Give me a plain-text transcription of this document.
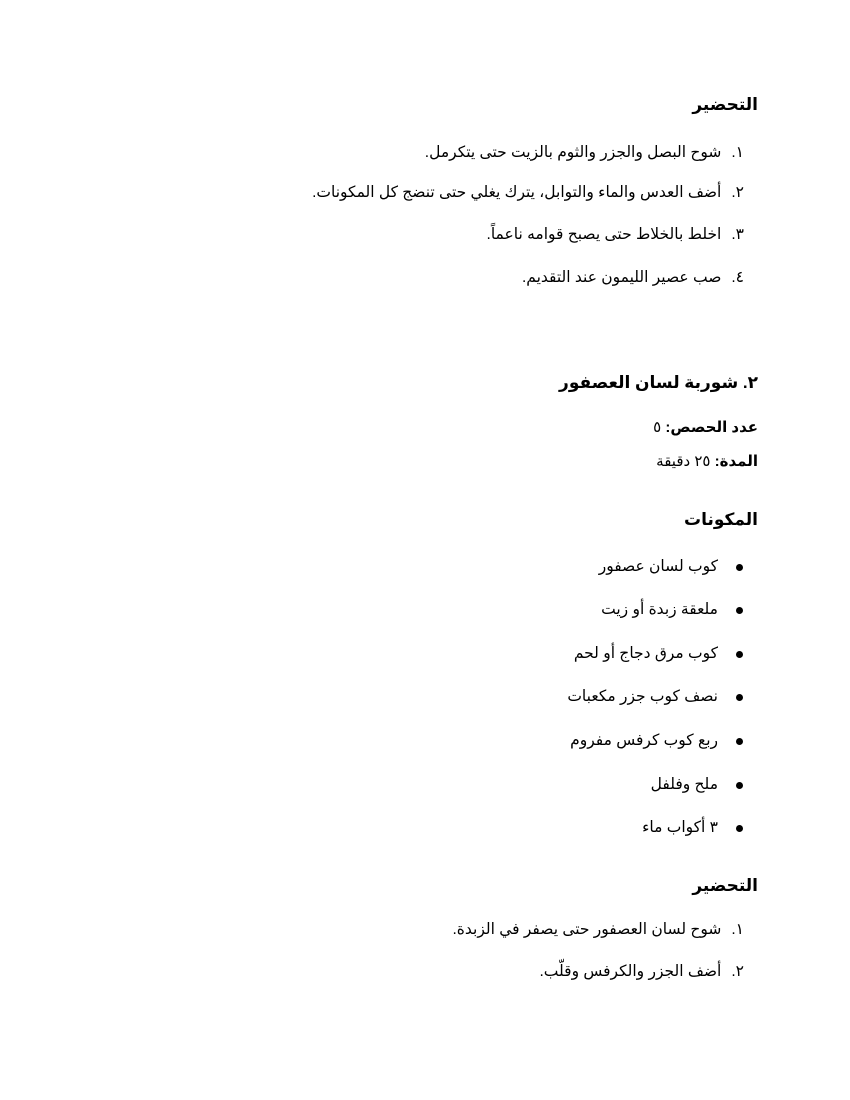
التحضير
١.شوح البصل والجزر والثوم بالزيت حتى يتكرمل.
٢.أضف العدس والماء والتوابل، يترك يغلي حتى تنضج كل المكونات.
٣.اخلط بالخلاط حتى يصبح قوامه ناعماً.
٤.صب عصير الليمون عند التقديم.
٢. شوربة لسان العصفور
عدد الحصص: ٥
المدة: ٢٥ دقيقة
المكونات
كوب لسان عصفور
ملعقة زبدة أو زيت
كوب مرق دجاج أو لحم
نصف كوب جزر مكعبات
ربع كوب كرفس مفروم
ملح وفلفل
٣ أكواب ماء
التحضير
١.شوح لسان العصفور حتى يصفر في الزبدة.
٢.أضف الجزر والكرفس وقلّب.
